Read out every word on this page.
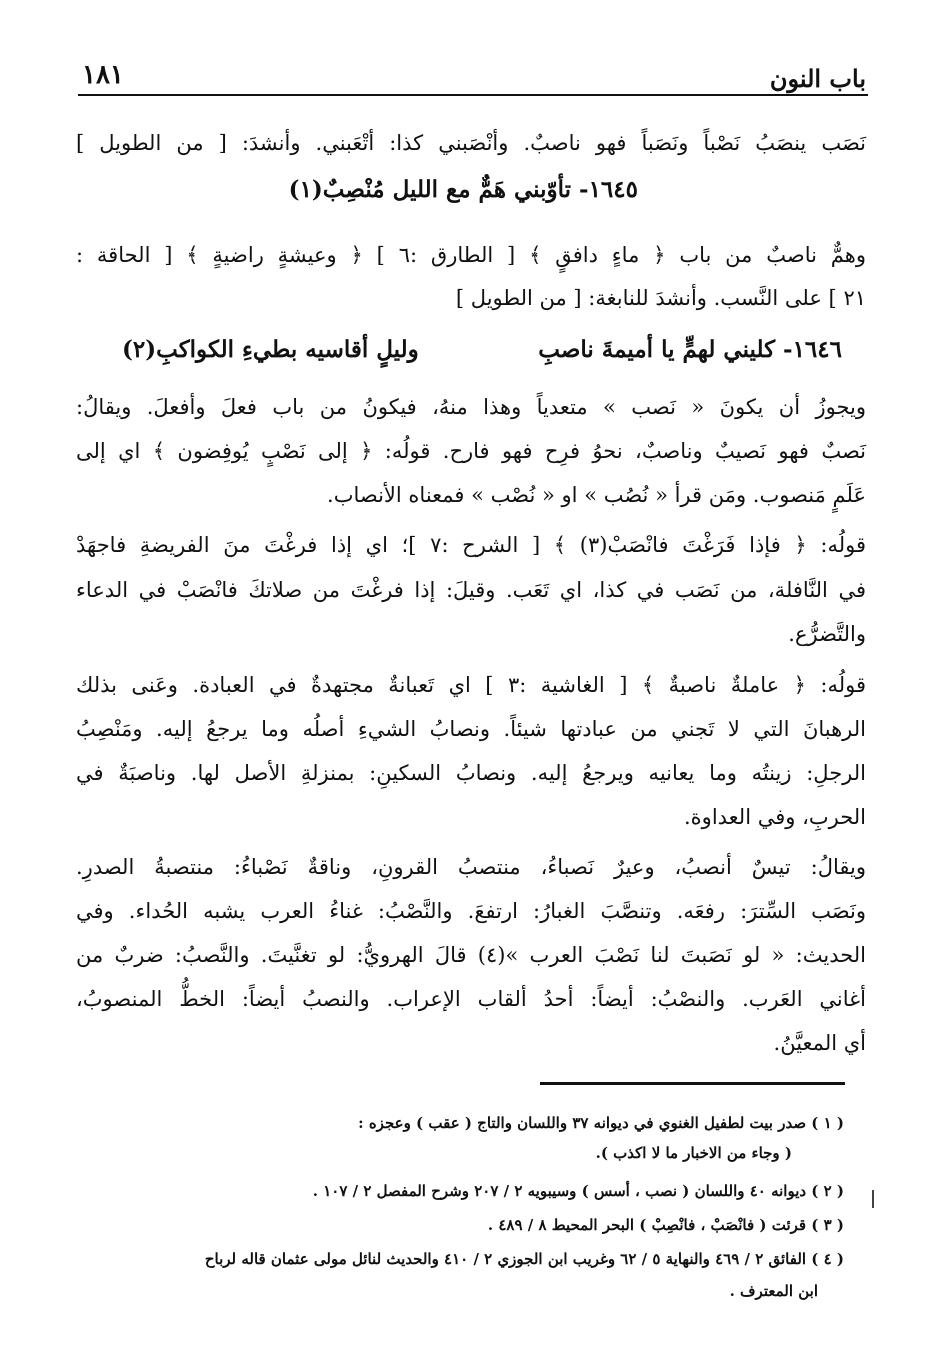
باب النون
١٨١
نَصَب ينصَبُ نَصْباً ونَصَباً فهو ناصبٌ. وأنْصَبني كذا: أتْعَبني. وأنشدَ: [ من الطويل ]
١٦٤٥- تأوّبني هَمٌّ مع الليل مُنْصِبٌ(١)
وهمٌّ ناصبٌ من باب ﴿ ماءٍ دافقٍ ﴾ [ الطارق :٦ ] ﴿ وعيشةٍ راضيةٍ ﴾ [ الحاقة :
٢١ ] على النَّسب. وأنشدَ للنابغة: [ من الطويل ]
١٦٤٦- كليني لهمٍّ يا أميمةَ ناصبِ
وليلٍ أقاسيه بطيءِ الكواكبِ(٢)
ويجوزُ أن يكونَ « نَصب » متعدياً وهذا منهُ، فيكونُ من باب فعلَ وأفعلَ. ويقالُ:
نَصبٌ فهو نَصيبٌ وناصبٌ، نحوُ فرِح فهو فارح. قولُه: ﴿ إلى نَصْبٍ يُوفِضون ﴾ اي إلى
عَلَمٍ مَنصوب. ومَن قرأ « نُصُب » او « نُصْب » فمعناه الأنصاب.
قولُه: ﴿ فإذا فَرَغْتَ فانْصَبْ(٣) ﴾ [ الشرح :٧ ]؛ اي إذا فرغْتَ منَ الفريضةِ فاجهَدْ
في النَّافلة، من نَصَب في كذا، اي تَعَب. وقيلَ: إذا فرغْتَ من صلاتكَ فانْصَبْ في الدعاء
والتَّضرُّع.
قولُه: ﴿ عاملةٌ ناصبةٌ ﴾ [ الغاشية :٣ ] اي تَعبانةٌ مجتهدةٌ في العبادة. وعَنى بذلك
الرهبانَ التي لا تَجني من عبادتها شيئاً. ونصابُ الشيءِ أصلُه وما يرجعُ إليه. ومَنْصِبُ
الرجلِ: زينتُه وما يعانيه ويرجعُ إليه. ونصابُ السكينِ: بمنزلةِ الأصل لها. وناصبَةٌ في
الحربِ، وفي العداوة.
ويقالُ: تيسٌ أنصبُ، وعيرٌ نَصباءُ، منتصبُ القرونِ، وناقةٌ نَصْباءُ: منتصبةُ الصدرِ.
ونَصَب السِّترَ: رفعَه. وتنصَّبَ الغبارُ: ارتفعَ. والنَّصْبُ: غناءُ العرب يشبه الحُداء. وفي
الحديث: « لو نَصَبتَ لنا نَصْبَ العرب »(٤) قالَ الهرويُّ: لو تغنَّيتَ. والنَّصبُ: ضربٌ من
أغاني العَرب. والنصْبُ: أيضاً: أحدُ ألقاب الإعراب. والنصبُ أيضاً: الخطُّ المنصوبُ،
أي المعيَّنُ.
( ١ ) صدر بيت لطفيل الغنوي في ديوانه ٣٧ واللسان والتاج ( عقب ) وعجزه :
( وجاء من الاخبار ما لا اكذب ).
( ٢ ) ديوانه ٤٠ واللسان ( نصب ، أسس ) وسيبويه ٢ / ٢٠٧ وشرح المفصل ٢ / ١٠٧ .
( ٣ ) قرئت ( فانْصَبْ ، فانْصِبْ ) البحر المحيط ٨ / ٤٨٩ .
( ٤ ) الفائق ٢ / ٤٦٩ والنهاية ٥ / ٦٢ وغريب ابن الجوزي ٢ / ٤١٠ والحديث لنائل مولى عثمان قاله لرباح
ابن المعترف .
